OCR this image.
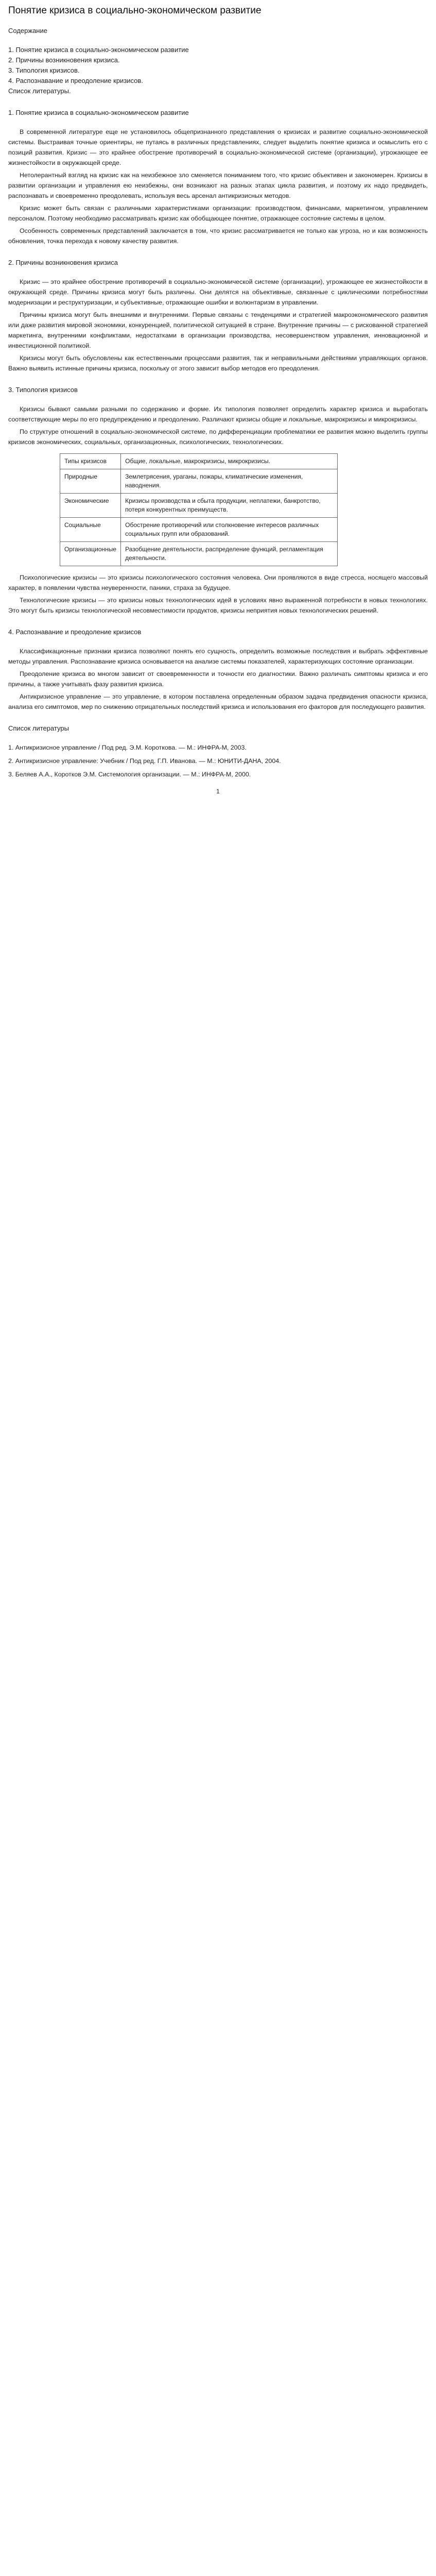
Понятие кризиса в социально-экономическом развитие
Содержание
1. Понятие кризиса в социально-экономическом развитие
2. Причины возникновения кризиса.
3. Типология кризисов.
4. Распознавание и преодоление кризисов.
Список литературы.
1. Понятие кризиса в социально-экономическом развитие

В современной литературе еще не установилось общепризнанного представления о кризисах и развитие социально-экономической системы. Выстраивая точные ориентиры, не путаясь в различных представлениях, следует выделить понятие кризиса и осмыслить его с позиций развития. Кризис — это крайнее обострение противоречий в социально-экономической системе (организации), угрожающее ее жизнестойкости в окружающей среде.

Нетолерантный взгляд на кризис как на неизбежное зло сменяется пониманием того, что кризис объективен и закономерен. Кризисы в развитии организации и управления ею неизбежны, они возникают на разных этапах цикла развития, и поэтому их надо предвидеть, распознавать и своевременно преодолевать, используя весь арсенал антикризисных методов.

Кризис может быть связан с различными характеристиками организации: производством, финансами, маркетингом, управлением персоналом. Поэтому необходимо рассматривать кризис как обобщающее понятие, отражающее состояние системы в целом.

Особенность современных представлений заключается в том, что кризис рассматривается не только как угроза, но и как возможность обновления, точка перехода к новому качеству развития.

2. Причины возникновения кризиса

Кризис — это крайнее обострение противоречий в социально-экономической системе (организации), угрожающее ее жизнестойкости в окружающей среде. Причины кризиса могут быть различны. Они делятся на объективные, связанные с циклическими потребностями модернизации и реструктуризации, и субъективные, отражающие ошибки и волюнтаризм в управлении.

Причины кризиса могут быть внешними и внутренними. Первые связаны с тенденциями и стратегией макроэкономического развития или даже развития мировой экономики, конкуренцией, политической ситуацией в стране. Внутренние причины — с рискованной стратегией маркетинга, внутренними конфликтами, недостатками в организации производства, несовершенством управления, инновационной и инвестиционной политикой.

Кризисы могут быть обусловлены как естественными процессами развития, так и неправильными действиями управляющих органов. Важно выявить истинные причины кризиса, поскольку от этого зависит выбор методов его преодоления.

3. Типология кризисов

Кризисы бывают самыми разными по содержанию и форме. Их типология позволяет определить характер кризиса и выработать соответствующие меры по его предупреждению и преодолению. Различают кризисы общие и локальные, макрокризисы и микрокризисы.

По структуре отношений в социально-экономической системе, по дифференциации проблематики ее развития можно выделить группы кризисов экономических, социальных, организационных, психологических, технологических.

Типы кризисов	Общие, локальные, макрокризисы, микрокризисы.
Природные	Землетрясения, ураганы, пожары, климатические изменения, наводнения.
Экономические	Кризисы производства и сбыта продукции, неплатежи, банкротство, потеря конкурентных преимуществ.
Социальные	Обострение противоречий или столкновение интересов различных социальных групп или образований.
Организационные	Разобщение деятельности, распределение функций, регламентация деятельности.

Психологические кризисы — это кризисы психологического состояния человека. Они проявляются в виде стресса, носящего массовый характер, в появлении чувства неуверенности, паники, страха за будущее.

Технологические кризисы — это кризисы новых технологических идей в условиях явно выраженной потребности в новых технологиях. Это могут быть кризисы технологической несовместимости продуктов, кризисы неприятия новых технологических решений.

4. Распознавание и преодоление кризисов

Классификационные признаки кризиса позволяют понять его сущность, определить возможные последствия и выбрать эффективные методы управления. Распознавание кризиса основывается на анализе системы показателей, характеризующих состояние организации.

Преодоление кризиса во многом зависит от своевременности и точности его диагностики. Важно различать симптомы кризиса и его причины, а также учитывать фазу развития кризиса.

Антикризисное управление — это управление, в котором поставлена определенным образом задача предвидения опасности кризиса, анализа его симптомов, мер по снижению отрицательных последствий кризиса и использования его факторов для последующего развития.

Список литературы
1. Антикризисное управление / Под ред. Э.М. Короткова. — М.: ИНФРА-М, 2003.
2. Антикризисное управление: Учебник / Под ред. Г.П. Иванова. — М.: ЮНИТИ-ДАНА, 2004.
3. Беляев А.А., Коротков Э.М. Системология организации. — М.: ИНФРА-М, 2000.
1
